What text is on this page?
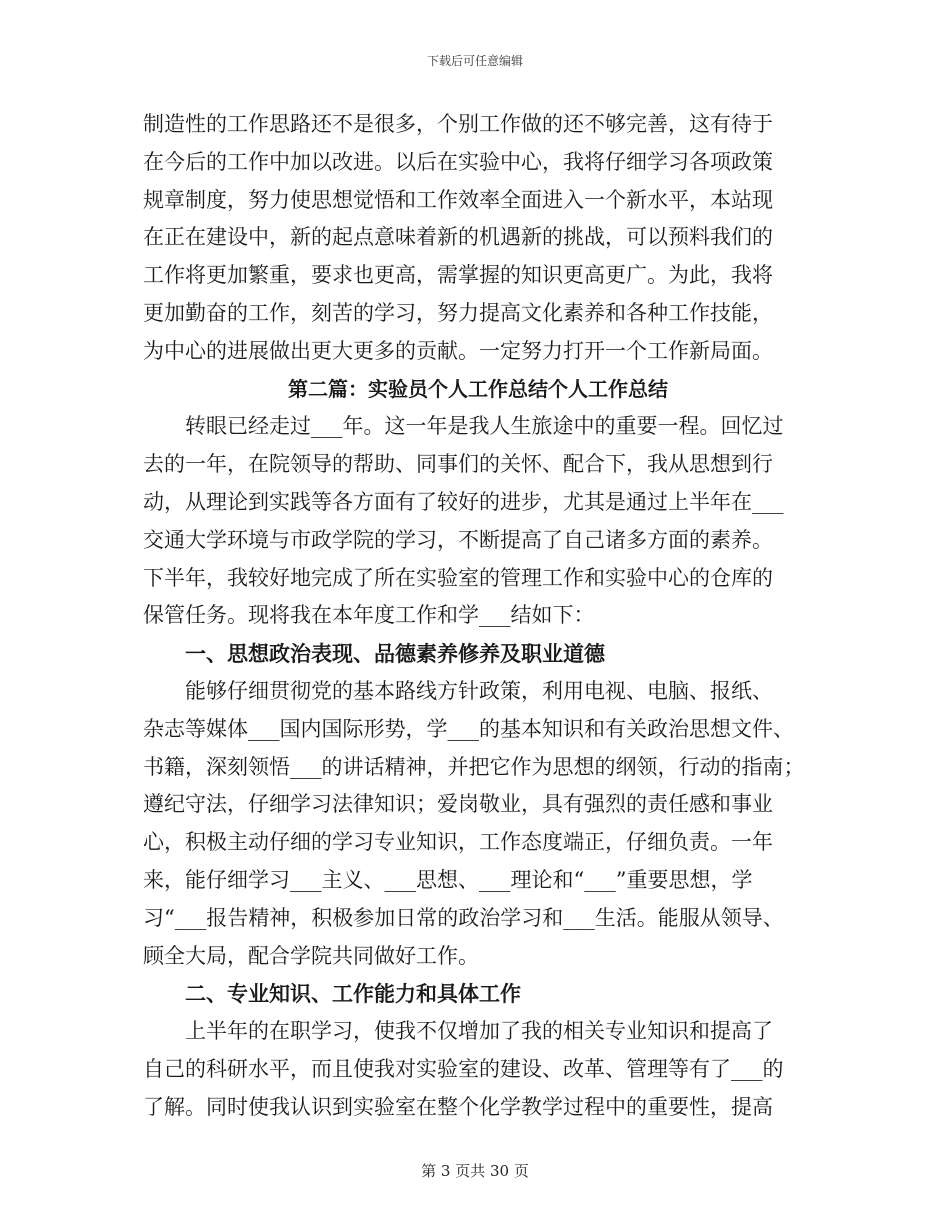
下载后可任意编辑
制造性的工作思路还不是很多，个别工作做的还不够完善，这有待于
在今后的工作中加以改进。以后在实验中心，我将仔细学习各项政策
规章制度，努力使思想觉悟和工作效率全面进入一个新水平，本站现
在正在建设中，新的起点意味着新的机遇新的挑战，可以预料我们的
工作将更加繁重，要求也更高，需掌握的知识更高更广。为此，我将
更加勤奋的工作，刻苦的学习，努力提高文化素养和各种工作技能，
为中心的进展做出更大更多的贡献。一定努力打开一个工作新局面。
第二篇：实验员个人工作总结个人工作总结
转眼已经走过___年。这一年是我人生旅途中的重要一程。回忆过
去的一年，在院领导的帮助、同事们的关怀、配合下，我从思想到行
动，从理论到实践等各方面有了较好的进步，尤其是通过上半年在___
交通大学环境与市政学院的学习，不断提高了自己诸多方面的素养。
下半年，我较好地完成了所在实验室的管理工作和实验中心的仓库的
保管任务。现将我在本年度工作和学___结如下：
一、思想政治表现、品德素养修养及职业道德
能够仔细贯彻党的基本路线方针政策，利用电视、电脑、报纸、
杂志等媒体___国内国际形势，学___的基本知识和有关政治思想文件、
书籍，深刻领悟___的讲话精神，并把它作为思想的纲领，行动的指南；
遵纪守法，仔细学习法律知识；爱岗敬业，具有强烈的责任感和事业
心，积极主动仔细的学习专业知识，工作态度端正，仔细负责。一年
来，能仔细学习___主义、___思想、___理论和“___”重要思想，学
习“___报告精神，积极参加日常的政治学习和___生活。能服从领导、
顾全大局，配合学院共同做好工作。
二、专业知识、工作能力和具体工作
上半年的在职学习，使我不仅增加了我的相关专业知识和提高了
自己的科研水平，而且使我对实验室的建设、改革、管理等有了___的
了解。同时使我认识到实验室在整个化学教学过程中的重要性，提高
第 3 页共 30 页
